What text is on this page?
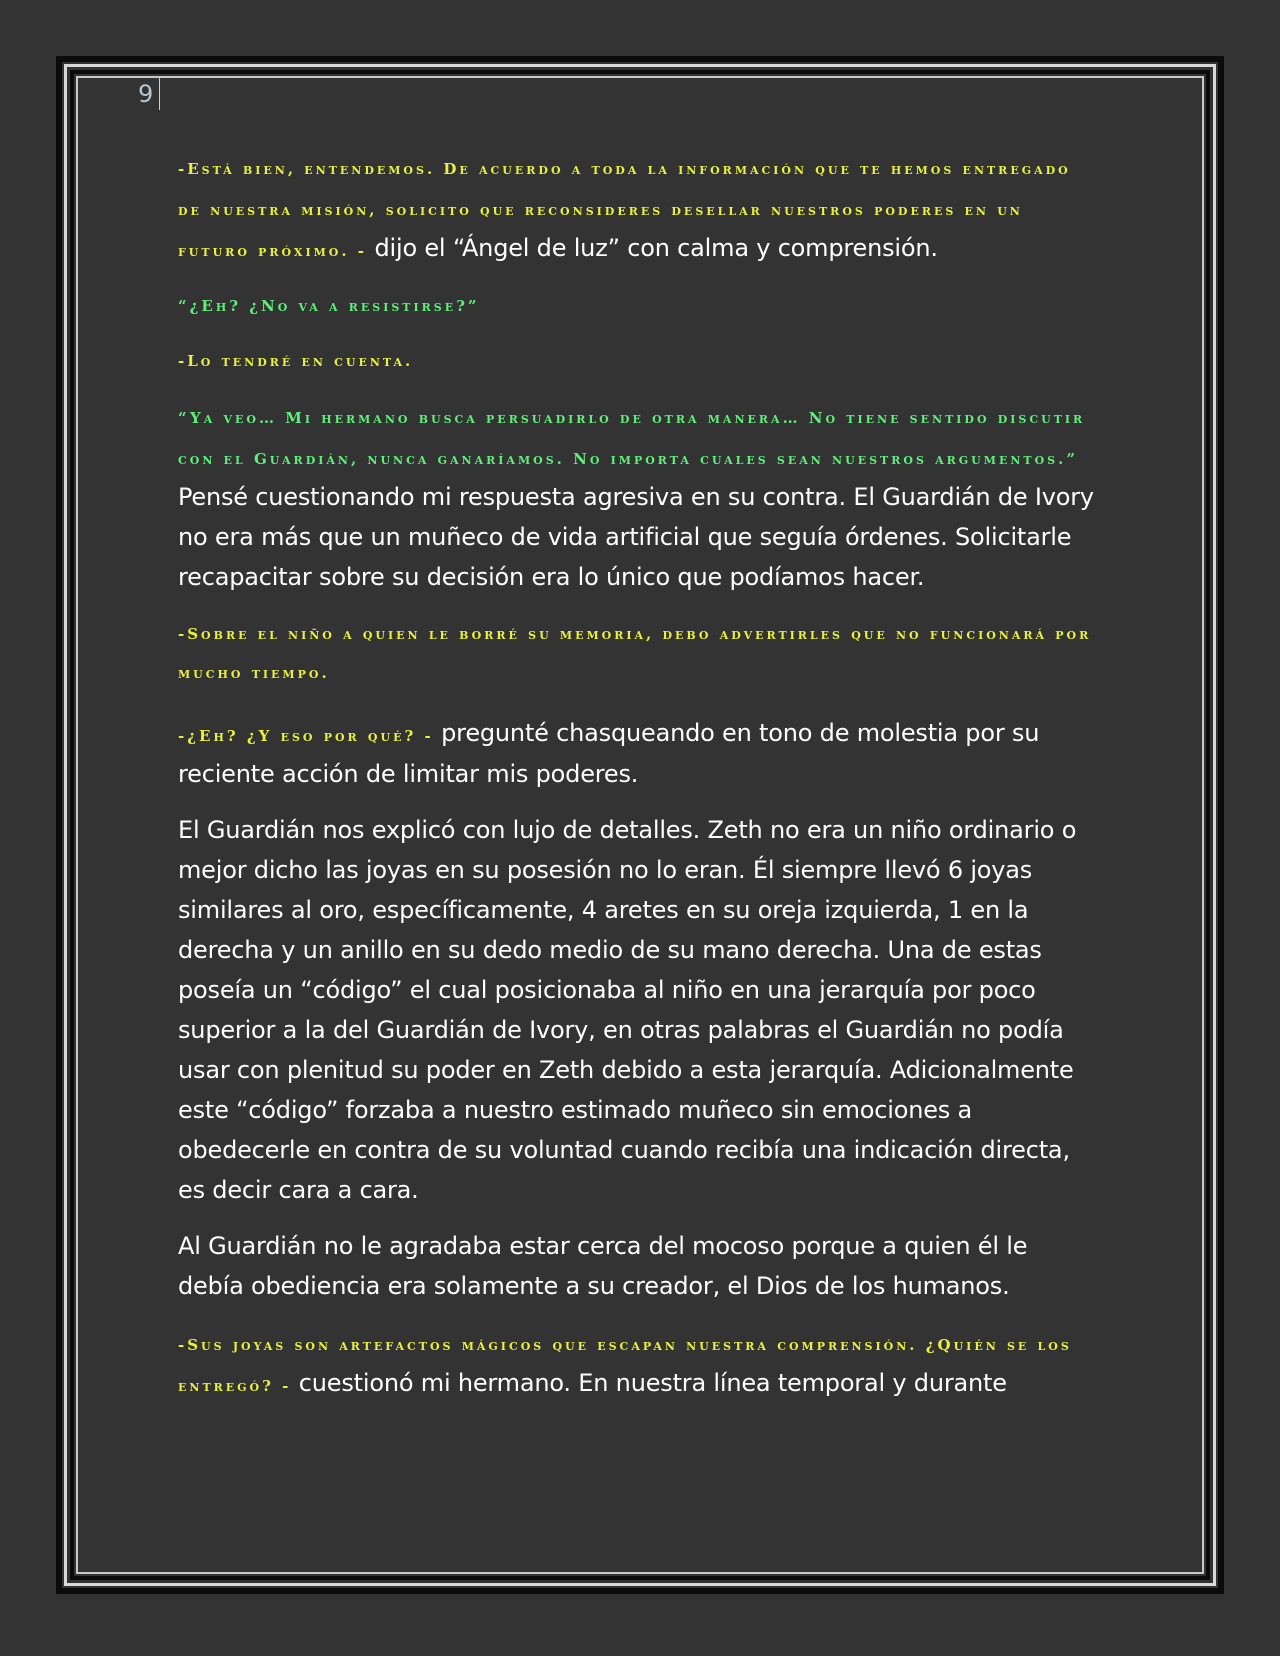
9

-Está bien, entendemos. De acuerdo a toda la información que te hemos entregado de nuestra misión, solicito que reconsideres desellar nuestros poderes en un futuro próximo. - dijo el “Ángel de luz” con calma y comprensión.

“¿Eh? ¿No va a resistirse?”

-Lo tendré en cuenta.

“Ya veo… Mi hermano busca persuadirlo de otra manera… No tiene sentido discutir con el Guardián, nunca ganaríamos. No importa cuales sean nuestros argumentos.” Pensé cuestionando mi respuesta agresiva en su contra. El Guardián de Ivory no era más que un muñeco de vida artificial que seguía órdenes. Solicitarle recapacitar sobre su decisión era lo único que podíamos hacer.

-Sobre el niño a quien le borré su memoria, debo advertirles que no funcionará por mucho tiempo.

-¿Eh? ¿Y eso por qué? - pregunté chasqueando en tono de molestia por su reciente acción de limitar mis poderes.

El Guardián nos explicó con lujo de detalles. Zeth no era un niño ordinario o mejor dicho las joyas en su posesión no lo eran. Él siempre llevó 6 joyas similares al oro, específicamente, 4 aretes en su oreja izquierda, 1 en la derecha y un anillo en su dedo medio de su mano derecha. Una de estas poseía un “código” el cual posicionaba al niño en una jerarquía por poco superior a la del Guardián de Ivory, en otras palabras el Guardián no podía usar con plenitud su poder en Zeth debido a esta jerarquía. Adicionalmente este “código” forzaba a nuestro estimado muñeco sin emociones a obedecerle en contra de su voluntad cuando recibía una indicación directa, es decir cara a cara.

Al Guardián no le agradaba estar cerca del mocoso porque a quien él le debía obediencia era solamente a su creador, el Dios de los humanos.

-Sus joyas son artefactos mágicos que escapan nuestra comprensión. ¿Quién se los entregó? - cuestionó mi hermano. En nuestra línea temporal y durante
